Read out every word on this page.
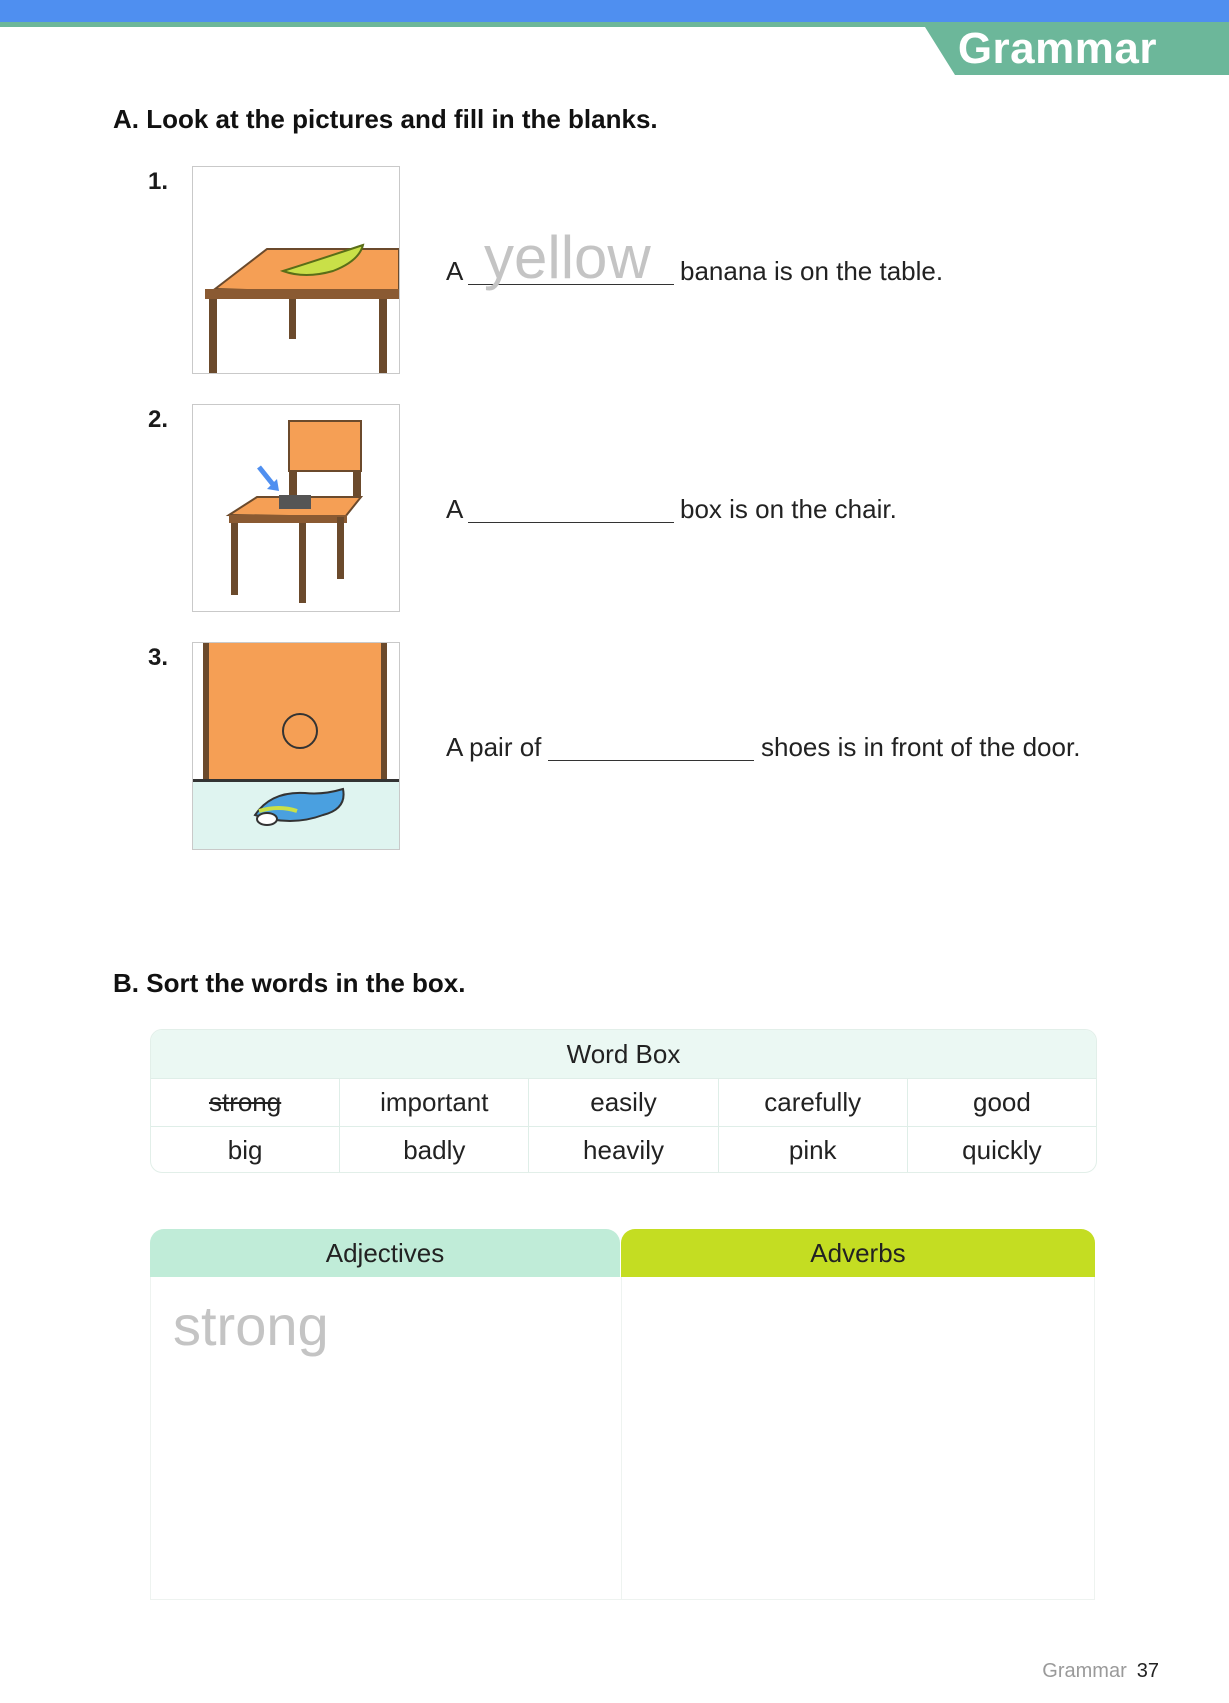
Grammar
A. Look at the pictures and fill in the blanks.
1.
A yellow banana is on the table.
2.
A	box is on the chair.
3.
A pair of	shoes is in front of the door.
B. Sort the words in the box.
Word Box
strong	important	easily	carefully	good
big	badly	heavily	pink	quickly
Adjectives	Adverbs
strong
Grammar 37
